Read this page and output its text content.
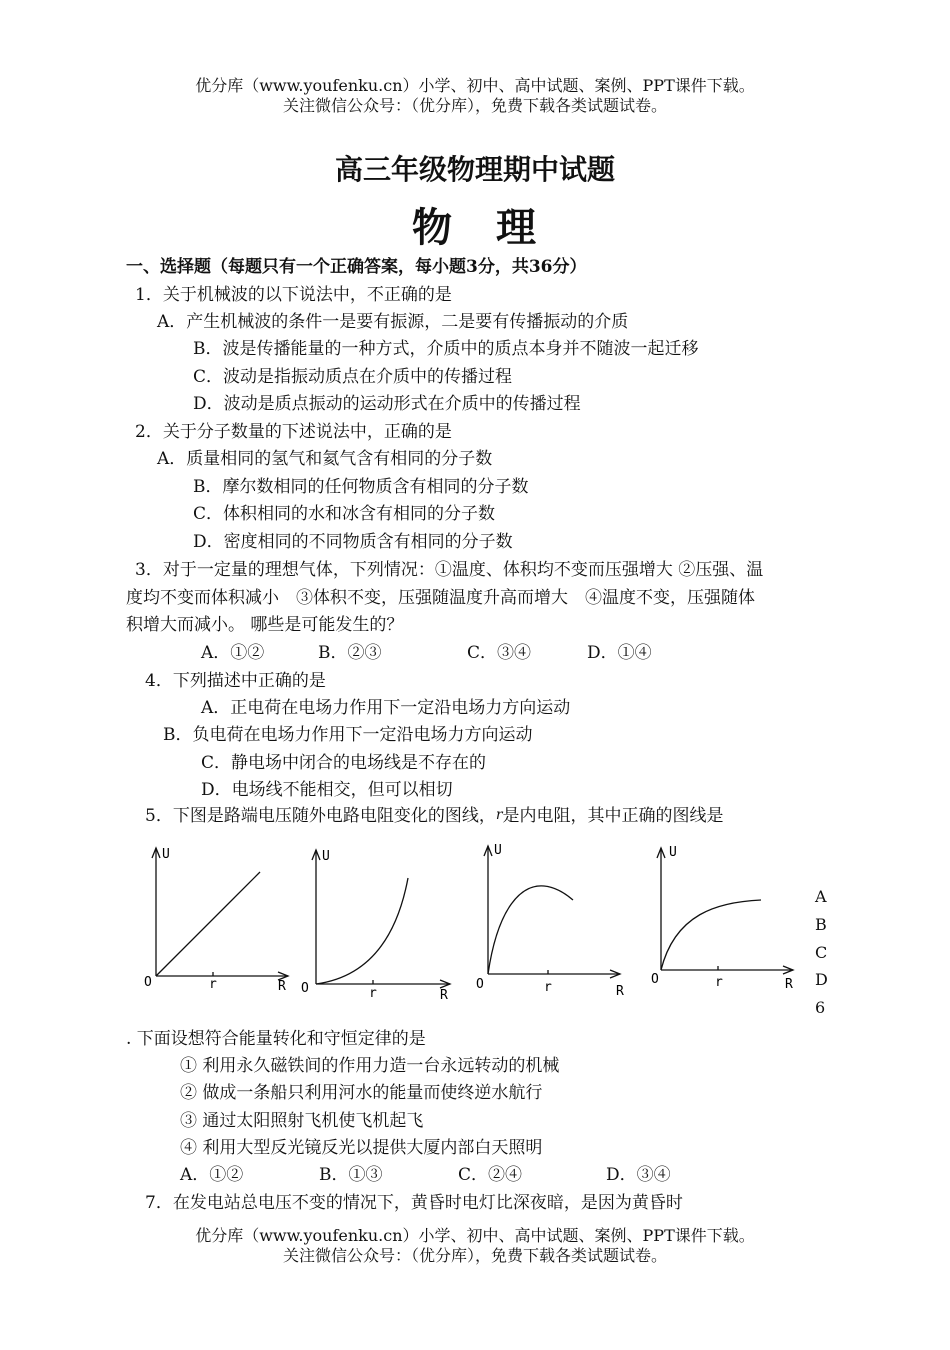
优分库（www.youfenku.cn）小学、初中、高中试题、案例、PPT课件下载。
关注微信公众号：（优分库），免费下载各类试题试卷。
高三年级物理期中试题
物　理
一、选择题（每题只有一个正确答案，每小题3分，共36分）
1．关于机械波的以下说法中，不正确的是
A．产生机械波的条件一是要有振源，二是要有传播振动的介质
B．波是传播能量的一种方式，介质中的质点本身并不随波一起迁移
C．波动是指振动质点在介质中的传播过程
D．波动是质点振动的运动形式在介质中的传播过程
2．关于分子数量的下述说法中，正确的是
A．质量相同的氢气和氦气含有相同的分子数
B．摩尔数相同的任何物质含有相同的分子数
C．体积相同的水和冰含有相同的分子数
D．密度相同的不同物质含有相同的分子数
3．对于一定量的理想气体，下列情况：①温度、体积均不变而压强增大 ②压强、温
度均不变而体积减小　③体积不变，压强随温度升高而增大　④温度不变，压强随体
积增大而减小。 哪些是可能发生的？
A．①②	B．②③	C．③④	D．①④
4．下列描述中正确的是
A．正电荷在电场力作用下一定沿电场力方向运动
B．负电荷在电场力作用下一定沿电场力方向运动
C．静电场中闭合的电场线是不存在的
D．电场线不能相交，但可以相切
5．下图是路端电压随外电路电阻变化的图线，r是内电阻，其中正确的图线是
U
O	r	R
U
O	r	R
U
O	r	R
U
O	r	R
A
B
C
D
6
. 下面设想符合能量转化和守恒定律的是
① 利用永久磁铁间的作用力造一台永远转动的机械
② 做成一条船只利用河水的能量而使终逆水航行
③ 通过太阳照射飞机使飞机起飞
④ 利用大型反光镜反光以提供大厦内部白天照明
A．①②	B．①③	C．②④	D．③④
7．在发电站总电压不变的情况下，黄昏时电灯比深夜暗，是因为黄昏时
优分库（www.youfenku.cn）小学、初中、高中试题、案例、PPT课件下载。
关注微信公众号：（优分库），免费下载各类试题试卷。
